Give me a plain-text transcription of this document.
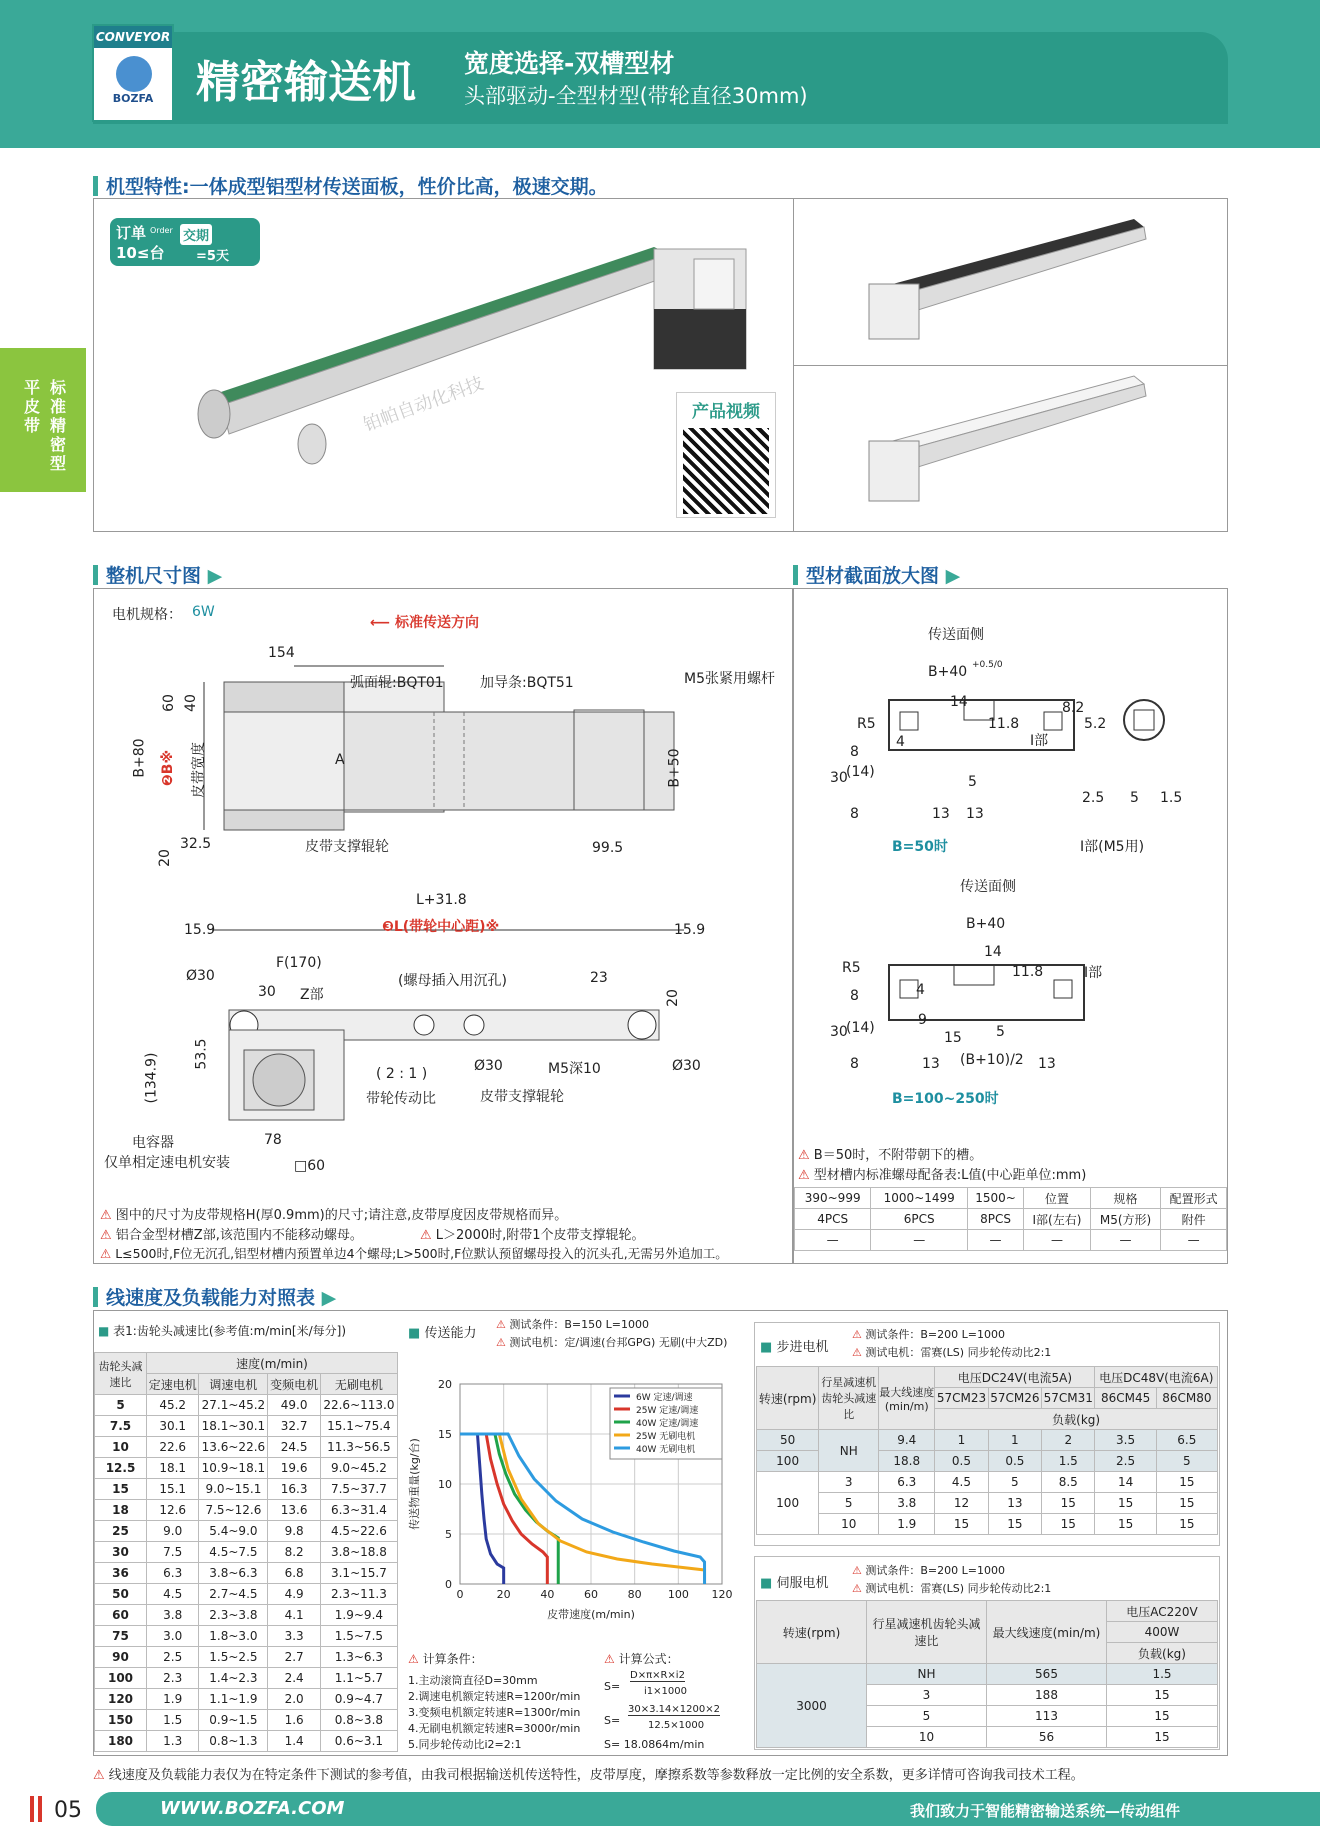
CONVEYOR
BOZFA 精密输送机 宽度选择-双槽型材
头部驱动-全型材型(带轮直径30mm)
平皮带
标准精密型
机型特性:一体成型铝型材传送面板，性价比高，极速交期。
订单 Order
10≤台
交期
=5天
铂帕自动化科技	产品视频
整机尺寸图 ▶
电机规格： 6W
⟵ 标准传送方向
154
60 40
B+80 ❷B※ 皮带宽度	A
弧面辊:BQT01	加导条:BQT51	M5张紧用螺杆
B+50
32.5
20
皮带支撑辊轮	99.5
L+31.8
❸L(带轮中心距)※
15.9	15.9
F(170)
(螺母插入用沉孔)	23
Ø30
30 Z部	20
53.5
(134.9)	( 2 : 1 )
带轮传动比
Ø30	M5深10	Ø30
皮带支撑辊轮
电容器
仅单相定速电机安装
78
□60
⚠ 图中的尺寸为皮带规格H(厚0.9mm)的尺寸;请注意,皮带厚度因皮带规格而异。
⚠ 铝合金型材槽Z部,该范围内不能移动螺母。	⚠ L＞2000时,附带1个皮带支撑辊轮。
⚠ L≤500时,F位无沉孔,铝型材槽内预置单边4个螺母;L>500时,F位默认预留螺母投入的沉头孔,无需另外追加工。
型材截面放大图 ▶
传送面侧
B+40 +0.5/0
R5
14
11.8
I部
4
30
(14)
8
8	13 13
5
B=50时
8.2
5.2
2.5 5 1.5
I部(M5用)
传送面侧
B+40
R5
14
11.8	I部
8	4
30
(14)
8
15 5
13 (B+10)/2 13
9
B=100~250时
⚠ B＝50时，不附带朝下的槽。
⚠ 型材槽内标准螺母配备表:L值(中心距单位:mm)
390~999	1000~1499	1500~	位置	规格	配置形式
4PCS	6PCS	8PCS	I部(左右)	M5(方形)	附件
—	—	—	—	—	—
线速度及负载能力对照表 ▶
■ 表1:齿轮头减速比(参考值:m/min[米/每分])
齿轮头减速比	速度(m/min)			
	定速电机	调速电机	变频电机	无刷电机
5	45.2	27.1~45.2	49.0	22.6~113.0
7.5	30.1	18.1~30.1	32.7	15.1~75.4
10	22.6	13.6~22.6	24.5	11.3~56.5
12.5	18.1	10.9~18.1	19.6	9.0~45.2
15	15.1	9.0~15.1	16.3	7.5~37.7
18	12.6	7.5~12.6	13.6	6.3~31.4
25	9.0	5.4~9.0	9.8	4.5~22.6
30	7.5	4.5~7.5	8.2	3.8~18.8
36	6.3	3.8~6.3	6.8	3.1~15.7
50	4.5	2.7~4.5	4.9	2.3~11.3
60	3.8	2.3~3.8	4.1	1.9~9.4
75	3.0	1.8~3.0	3.3	1.5~7.5
90	2.5	1.5~2.5	2.7	1.3~6.3
100	2.3	1.4~2.3	2.4	1.1~5.7
120	1.9	1.1~1.9	2.0	0.9~4.7
150	1.5	0.9~1.5	1.6	0.8~3.8
180	1.3	0.8~1.3	1.4	0.6~3.1
■ 传送能力
⚠ 测试条件：B=150 L=1000
⚠ 测试电机：定/调速(台邦GPG) 无刷(中大ZD)
0
5
10
15
20
0	20	40	60	80 100 120
皮带速度(m/min)
传送物重量(kg/台)
6W 定速/调速
25W 定速/调速
40W 定速/调速
25W 无刷电机
40W 无刷电机
⚠ 计算条件：
1.主动滚筒直径D=30mm
2.调速电机额定转速R=1200r/min
3.变频电机额定转速R=1300r/min
4.无刷电机额定转速R=3000r/min
5.同步轮传动比i2=2:1
⚠ 计算公式：
S=
D×π×R×i2
i1×1000
S=
30×3.14×1200×2
12.5×1000
S= 18.0864m/min
■ 步进电机
⚠ 测试条件：B=200 L=1000
⚠ 测试电机：雷赛(LS) 同步轮传动比2:1
转速(rpm)	行星减速机齿轮头减速比	最大线速度(min/m)	电压DC24V(电流5A)			电压DC48V(电流6A)	
			57CM23	57CM26	57CM31	86CM45	86CM80
			负载(kg)				
50	NH	9.4	1	1	2	3.5	6.5
100		18.8	0.5	0.5	1.5	2.5	5
100	3	6.3	4.5	5	8.5	14	15
	5	3.8	12	13	15	15	15
	10	1.9	15	15	15	15	15
■ 伺服电机
⚠ 测试条件：B=200 L=1000
⚠ 测试电机：雷赛(LS) 同步轮传动比2:1
转速(rpm)	行星减速机齿轮头减速比	最大线速度(min/m)	电压AC220V
			400W
			负载(kg)
3000	NH	565	1.5
	3	188	15
	5	113	15
	10	56	15
⚠ 线速度及负载能力表仅为在特定条件下测试的参考值，由我司根据输送机传送特性，皮带厚度，摩擦系数等参数释放一定比例的安全系数，更多详情可咨询我司技术工程。
05	WWW.BOZFA.COM	我们致力于智能精密输送系统—传动组件
